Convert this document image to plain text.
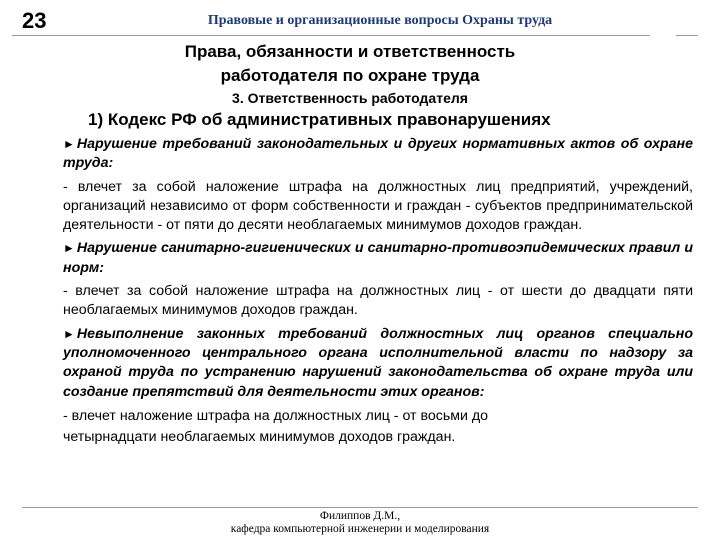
23	Правовые и организационные вопросы Охраны труда
Права, обязанности и ответственность
работодателя по охране труда
3. Ответственность работодателя
1) Кодекс РФ об административных правонарушениях

► Нарушение требований законодательных и других нормативных актов об охране труда:

- влечет за собой наложение штрафа на должностных лиц предприятий, учреждений, организаций независимо от форм собственности и граждан - субъектов предпринимательской деятельности - от пяти до десяти необлагаемых минимумов доходов граждан.

► Нарушение санитарно-гигиенических и санитарно-противоэпидемических правил и норм:

- влечет за собой наложение штрафа на должностных лиц - от шести до двадцати пяти необлагаемых минимумов доходов граждан.

► Невыполнение законных требований должностных лиц органов специально уполномоченного центрального органа исполнительной власти по надзору за охраной труда по устранению нарушений законодательства об охране труда или создание препятствий для деятельности этих органов:

- влечет наложение штрафа на должностных лиц - от восьми до
четырнадцати необлагаемых минимумов доходов граждан.

Филиппов Д.М.,
кафедра компьютерной инженерии и моделирования
